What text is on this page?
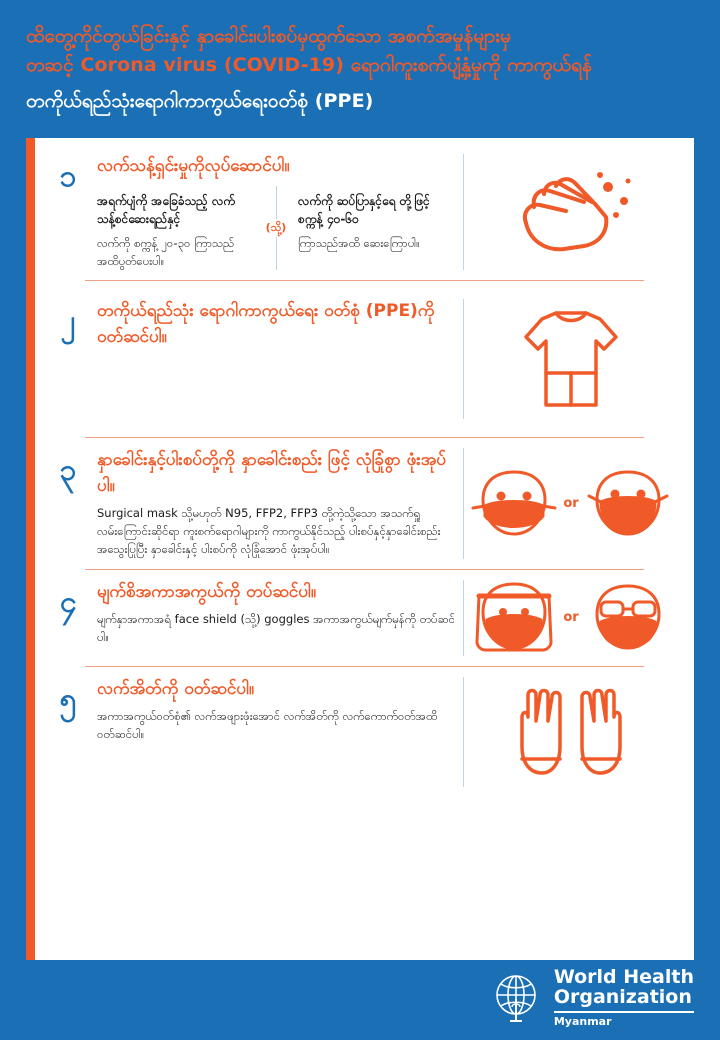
ထိတွေ့ကိုင်တွယ်ခြင်းနှင့် နှာခေါင်း၊ပါးစပ်မှထွက်သော အစက်အမှုန်များမှ
တဆင့် Corona virus (COVID-19) ရောဂါကူးစက်ပျံ့နှံ့မှုကို ကာကွယ်ရန်
တကိုယ်ရည်သုံးရောဂါကာကွယ်ရေးဝတ်စုံ (PPE)
၁ လက်သန့်ရှင်းမှုကိုလုပ်ဆောင်ပါ။
အရက်ပျံကို အခြေခံသည့် လက်သန့်စင်ဆေးရည်နှင့်
လက်ကို စက္ကန့် ၂၀-၃၀ ကြာသည်အထိပွတ်ပေးပါ။
(သို့)
လက်ကို ဆပ်ပြာနှင့်ရေ တို့ဖြင့် စက္ကန့် ၄၀-၆၀
ကြာသည်အထိ ဆေးကြောပါ။
၂ တကိုယ်ရည်သုံး ရောဂါကာကွယ်ရေး ဝတ်စုံ (PPE)ကို ဝတ်ဆင်ပါ။
၃ နှာခေါင်းနှင့်ပါးစပ်တို့ကို နှာခေါင်းစည်း ဖြင့် လုံခြုံစွာ ဖုံးအုပ်ပါ။
Surgical mask သို့မဟုတ် N95, FFP2, FFP3 တို့ကဲ့သို့သော အသက်ရှူလမ်းကြောင်းဆိုင်ရာ ကူးစက်ရောဂါများကို ကာကွယ်နိုင်သည့် ပါးစပ်နှင့်နှာခေါင်းစည်း အသွေးပြုပြီး နှာခေါင်းနှင့် ပါးစပ်ကို လုံခြုံအောင် ဖုံးအုပ်ပါ။
or
၄ မျက်စိအကာအကွယ်ကို တပ်ဆင်ပါ။
မျက်နှာအကာအရံ face shield (သို့) goggles အကာအကွယ်မျက်မှန်ကို တပ်ဆင်ပါ။
or
၅ လက်အိတ်ကို ဝတ်ဆင်ပါ။
အကာအကွယ်ဝတ်စုံ၏ လက်အဖျားဖုံးအောင် လက်အိတ်ကို လက်ကောက်ဝတ်အထိ ဝတ်ဆင်ပါ။
World Health
Organization
Myanmar
